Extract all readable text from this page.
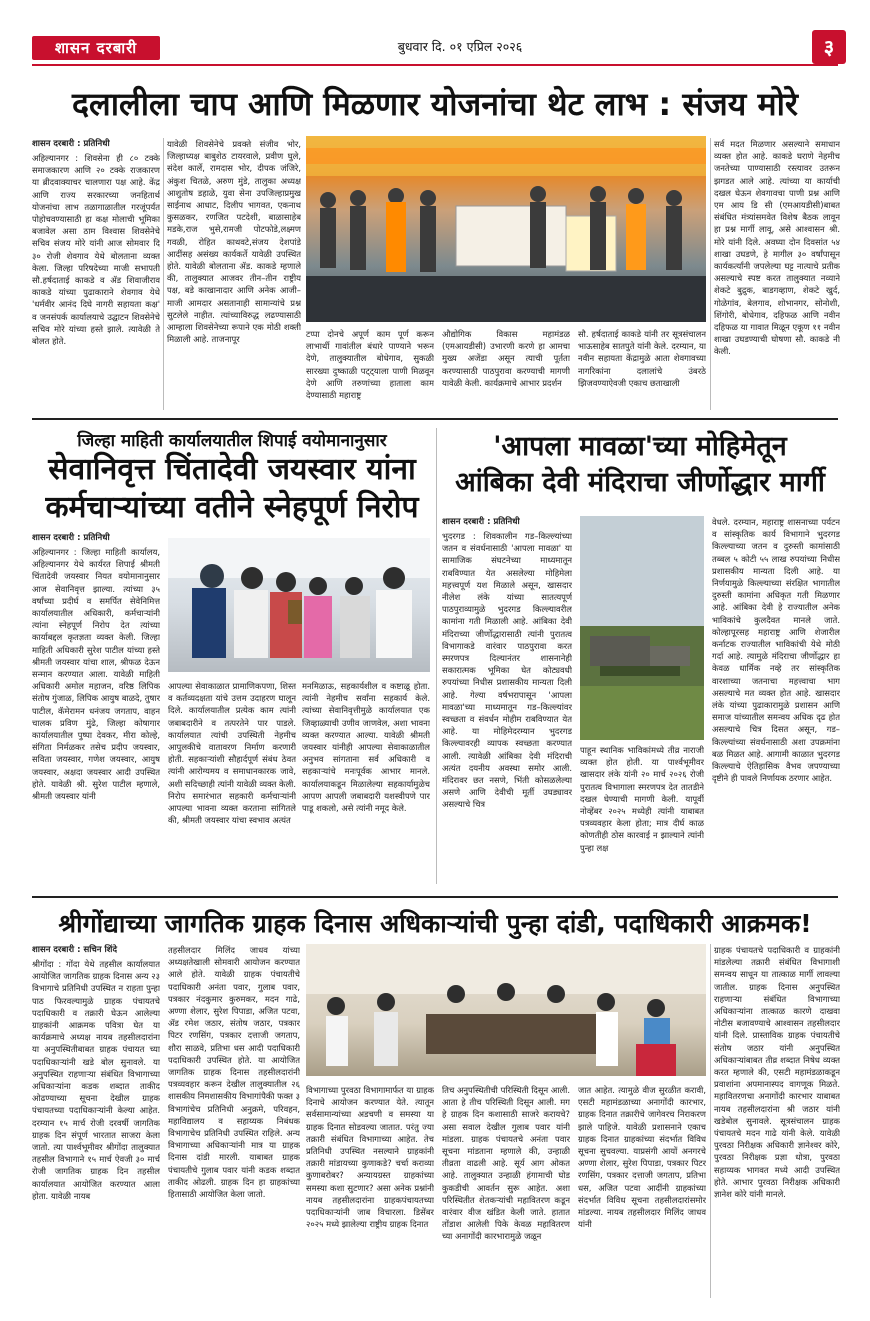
शासन दरबारी	बुधवार दि. ०१ एप्रिल २०२६	३
दलालीला चाप आणि मिळणार योजनांचा थेट लाभ : संजय मोरे
शासन दरबारी : प्रतिनिधी
अहिल्यानगर : शिवसेना ही ८० टक्के समाजकारण आणि २० टक्के राजकारण या ब्रीदवाक्याचर चालणारा पक्ष आहे. केंद्र आणि राज्य सरकारच्या जनहितार्थ योजनांचा लाभ तळागाळातील गरजूंपर्यंत पोहोचवण्यासाठी हा कक्ष मोलाची भूमिका बजावेल असा ठाम विश्वास शिवसेनेचे सचिव संजय मोरे यांनी आज सोमवार दि ३० रोजी शेवगाव येथे बोलताना व्यक्त केला. जिल्हा परिषदेच्या माजी सभापती सौ.हर्षदाताई काकडे व ॲड शिवाजीराव काकडे यांच्या पुढाकाराने शेवगाव येथे 'धर्मवीर आनंद दिघे नागरी सहायता कक्ष' व जनसंपर्क कार्यालयाचे उद्घाटन शिवसेनेचे सचिव मोरे यांच्या हस्ते झाले. त्यावेळी ते बोलत होते.
यावेळी शिवसेनेचे प्रवक्ते संजीव भोर, जिल्हाध्यक्ष बाबुशेठ टायरवाले, प्रवीण घुले, संदेश कार्ले, रामदास भोर, दीपक जंजिरे, अंकुश चितळे, अरुण मुंडे, तालुका अध्यक्ष आशुतोष डहाळे, युवा सेना उपजिल्हाप्रमुख साईनाथ आधाट, दिलीप भागवत, एकनाथ कुसळकर, रणजित पटदेशी, बाळासाहेब मडके,राज भुसे,रामजी पोटफोडे,लक्ष्मण गवळी, रोहित काथवटे,संजय देशपांडे आदींसह असंख्य कार्यकर्ते यावेळी उपस्थित होते. यावेळी बोलताना ॲड. काकडे म्हणाले की, तालुक्यात आजवर तीन–तीन राष्ट्रीय पक्ष, बडे काखानादार आणि अनेक आजी–माजी आमदार असतानाही सामान्यांचे प्रश्न सुटलेले नाहीत. त्यांच्याविरुद्ध लढण्यासाठी आम्हाला शिवसेनेच्या रूपाने एक मोठी शक्ती मिळाली आहे. ताजनापूर
टप्पा दोनचे अपूर्ण काम पूर्ण करून लाभार्थी गावांतील बंधारे पाण्याने भरून देणे, तालुक्यातील बोधेगाव, सुकळी सारख्या दुष्काळी पट्ट्याला पाणी मिळवून देणे आणि तरुणांच्या हाताला काम देण्यासाठी महाराष्ट्र
औद्योगिक विकास महामंडळ (एमआयडीसी) उभारणी करणे हा आमचा मुख्य अजेंडा असून त्याची पूर्तता करण्यासाठी पाठपुरावा करण्याची मागणी यावेळी केली. कार्यक्रमाचे आभार प्रदर्शन
सौ. हर्षदाताई काकडे यांनी तर सूत्रसंचालन भाऊसाहेब सातपुते यांनी केले. दरम्यान, या नवीन सहायता केंद्रामुळे आता शेवगावच्या नागरिकांना दलालांचे उंबरठे झिजवण्याऐवजी एकाच छताखाली
सर्व मदत मिळणार असल्याने समाधान व्यक्त होत आहे. काकडे घराणे नेहमीच जनतेच्या पाण्यासाठी रस्त्यावर उतरून झगडत आले आहे. त्यांच्या या कार्याची दखल घेऊन शेवगावचा पाणी प्रश्न आणि एम आय डि सी (एमआयडीसी)बाबत संबंधित मंत्र्यांसमवेत विशेष बैठक लावून हा प्रश्न मार्गी लावू, असे आश्वासन श्री. मोरे यांनी दिले. अवघ्या दोन दिवसांत ५४ शाखा उघडणे, हे मागील ३० वर्षांपासून कार्यकर्त्यांनी जपलेल्या घट्ट नात्याचे प्रतीक असल्याचे स्पष्ट करत तालुक्यात नव्याने शेकटे बुद्रुक, बाडगव्हाण, शेकटे खुर्द, गोळेगांव, बेलगाव, शोभानगर, सोनोशी, शिंगोरी, बोधेगाव, दहिफळ आणि नवीन दहिफळ या गावात मिळून एकूण ११ नवीन शाखा उघडण्याची घोषणा सौ. काकडे नी केली.
जिल्हा माहिती कार्यालयातील शिपाई वयोमानानुसार
सेवानिवृत्त चिंतादेवी जयस्वार यांना
कर्मचाऱ्यांच्या वतीने स्नेहपूर्ण निरोप
शासन दरबारी : प्रतिनिधी
अहिल्यानगर : जिल्हा माहिती कार्यालय, अहिल्यानगर येथे कार्यरत शिपाई श्रीमती चिंतादेवी जयस्वार नियत वयोमानानुसार आज सेवानिवृत्त झाल्या. त्यांच्या ३५ वर्षांच्या प्रदीर्घ व समर्पित सेवेनिमित्त कार्यालयातील अधिकारी, कर्मचाऱ्यांनी त्यांना स्नेहपूर्ण निरोप देत त्यांच्या कार्याबद्दल कृतज्ञता व्यक्त केली. जिल्हा माहिती अधिकारी सुरेश पाटील यांच्या हस्ते श्रीमती जयस्वार यांचा शाल, श्रीफळ देऊन सन्मान करण्यात आला. यावेळी माहिती अधिकारी अमोल महाजन, वरिष्ठ लिपिक संतोष गुंजाळ, लिपिक आयुष बाळदे, तुषार पाटील, कॅमेरामन धनंजय जगताप, वाहन चालक प्रविण मुंढे, जिल्हा कोषागार कार्यालयातील पुष्पा देवकर, मीरा कोल्हे, संगिता निर्मळकर तसेच प्रदीप जयस्वार, सविता जयस्वार, गणेश जयस्वार, आयुष जयस्वार, अक्षदा जयस्वार आदी उपस्थित होते. यावेळी श्री. सुरेश पाटील म्हणाले, श्रीमती जयस्वार यांनी
आपल्या सेवाकाळात प्रामाणिकपणा, शिस्त व कर्तव्यदक्षता यांचे उत्तम उदाहरण घालून दिले. कार्यालयातील प्रत्येक काम त्यांनी जबाबदारीने व तत्परतेने पार पाडले. कार्यालयात त्यांची उपस्थिती नेहमीच आपुलकीचे वातावरण निर्माण करणारी होती. सहकाऱ्यांशी सौहार्दपूर्ण संबंध ठेवत त्यांनी आरोग्यमय व समाधानकारक जावे, अशी सदिच्छाही त्यांनी यावेळी व्यक्त केली. निरोप समारंभात सहकारी कर्मचाऱ्यांनी आपल्या भावना व्यक्त करताना सांगितले की, श्रीमती जयस्वार यांचा स्वभाव अत्यंत
मनमिळाऊ, सहकार्यशील व कष्टाळू होता. त्यांनी नेहमीच सर्वांना सहकार्य केले. त्यांच्या सेवानिवृत्तीमुळे कार्यालयात एक जिव्हाळ्याची उणीव जाणवेल, अशा भावना व्यक्त करण्यात आल्या. यावेळी श्रीमती जयस्वार यांनीही आपल्या सेवाकाळातील अनुभव सांगताना सर्व अधिकारी व सहकाऱ्यांचे मनःपूर्वक आभार मानले. कार्यालयाकडून मिळालेल्या सहकार्यामुळेच आपण आपली जबाबदारी यशस्वीपणे पार पाडू शकलो, असे त्यांनी नमूद केले.
'आपला मावळा'च्या मोहिमेतून
आंबिका देवी मंदिराचा जीर्णोद्धार मार्गी
शासन दरबारी : प्रतिनिधी
भुदरगड : शिवकालीन गड–किल्ल्यांच्या जतन व संवर्धनासाठी 'आपला मावळा' या सामाजिक संघटनेच्या माध्यमातून राबविण्यात येत असलेल्या मोहिमेला महत्त्वपूर्ण यश मिळाले असून, खासदार नीलेश लंके यांच्या सातत्यपूर्ण पाठपुराव्यामुळे भुदरगड किल्ल्यावरील कामांना गती मिळाली आहे. आंबिका देवी मंदिराच्या जीर्णोद्धारासाठी त्यांनी पुरातत्व विभागाकडे वारंवार पाठपुरावा करत स्मरणपत्र दिल्यानंतर शासनानेही सकारात्मक भूमिका घेत कोट्यवधी रुपयांच्या निधीस प्रशासकीय मान्यता दिली आहे. गेल्या वर्षभरापासून 'आपला मावळा'च्या माध्यमातून गड–किल्ल्यांवर स्वच्छता व संवर्धन मोहीम राबविण्यात येत आहे. या मोहिमेदरम्यान भुदरगड किल्ल्यावरही व्यापक स्वच्छता करण्यात आली. त्यावेळी आंबिका देवी मंदिराची अत्यंत दयनीय अवस्था समोर आली. मंदिरावर छत नसणे, भिंती कोसळलेल्या असणे आणि देवीची मूर्ती उघड्यावर असल्याचे चित्र
पाहून स्थानिक भाविकांमध्ये तीव्र नाराजी व्यक्त होत होती. या पार्श्वभूमीवर खासदार लंके यांनी २० मार्च २०२६ रोजी पुरातत्व विभागाला स्मरणपत्र देत तातडीने दखल घेण्याची मागणी केली. यापूर्वी नोव्हेंबर २०२५ मध्येही त्यांनी याबाबत पत्रव्यवहार केला होता; मात्र दीर्घ काळ कोणतीही ठोस कारवाई न झाल्याने त्यांनी पुन्हा लक्ष
वेधले. दरम्यान, महाराष्ट्र शासनाच्या पर्यटन व सांस्कृतिक कार्य विभागाने भुदरगड किल्ल्याच्या जतन व दुरुस्ती कामांसाठी तब्बल ५ कोटी ५५ लाख रुपयांच्या निधीस प्रशासकीय मान्यता दिली आहे. या निर्णयामुळे किल्ल्याच्या संरक्षित भागातील दुरुस्ती कामांना अधिकृत गती मिळणार आहे. आंबिका देवी हे राज्यातील अनेक भाविकांचे कुलदैवत मानले जाते. कोल्हापूरसह महाराष्ट्र आणि शेजारील कर्नाटक राज्यातील भाविकांची येथे मोठी गर्दा आहे. त्यामुळे मंदिराचा जीर्णोद्धार हा केवळ धार्मिक नव्हे तर सांस्कृतिक वारशाच्या जतनाचा महत्त्वाचा भाग असल्याचे मत व्यक्त होत आहे. खासदार लंके यांच्या पुढाकारामुळे प्रशासन आणि समाज यांच्यातील समन्वय अधिक दृढ होत असल्याचे चित्र दिसत असून, गड–किल्ल्यांच्या संवर्धनासाठी अशा उपक्रमांना बळ मिळत आहे. आगामी काळात भुदरगड किल्ल्याचे ऐतिहासिक वैभव जपण्याच्या दृष्टीने ही पावले निर्णायक ठरणार आहेत.
श्रीगोंद्याच्या जागतिक ग्राहक दिनास अधिकाऱ्यांची पुन्हा दांडी, पदाधिकारी आक्रमक!
शासन दरबारी : सचिन शिंदे
श्रीगोंदा : गोंदा येथे तहसील कार्यालयात आयोजित जागतिक ग्राहक दिनास अन्य २३ विभागाचे प्रतिनिधी उपस्थित न राहता पुन्हा पाठ फिरवल्यामुळे ग्राहक पंचायतचे पदाधिकारी व तक्रारी घेऊन आलेल्या ग्राहकांनी आक्रमक पवित्रा घेत या कार्यक्रमाचे अध्यक्ष नायब तहसीलदारांना या अनुपस्थितीबाबत ग्राहक पंचायत च्या पदाधिकाऱ्यांनी खडे बोल सुनावले. या अनुपस्थित राहणाऱ्या संबंधित विभागाच्या अधिकाऱ्यांना कडक शब्दात ताकीद ओढण्याच्या सूचना देखील ग्राहक पंचायतच्या पदाधिकाऱ्यांनी केल्या आहेत. दरम्यान १५ मार्च रोजी दरवर्षी जागतिक ग्राहक दिन संपूर्ण भारतात साजरा केला जातो. त्या पार्श्वभूमीवर श्रीगोंदा तालुक्यात तहसील विभागाने १५ मार्च ऐवजी ३० मार्च रोजी जागतिक ग्राहक दिन तहसील कार्यालयात आयोजित करण्यात आला होता. यावेळी नायब
तहसीलदार मिलिंद जाधव यांच्या अध्यक्षतेखाली सोमवारी आयोजन करण्यात आले होते. यावेळी ग्राहक पंचायतीचे पदाधिकारी अनंता पवार, गुलाब पवार, पत्रकार नंदकुमार कुरुमकर, मदन गाढे, अण्णा शेलार, सुरेश पिपाडा, अजित पटवा, ॲड रमेश जठार, संतोष जठार, पत्रकार पिटर रणसिंग, पत्रकार दत्ताजी जगताप, शौरा साळवे, प्रतिभा धस आदी पदाधिकारी पदाधिकारी उपस्थित होते. या आयोजित जागतिक ग्राहक दिनास तहसीलदारांनी पत्रव्यवहार करून देखील तालुक्यातील २६ शासकीय निमशासकीय विभागांपैकी फक्त ३ विभागांचेच प्रतिनिधी अनुक्रमे, परिवहन, महाविद्यालय व सहाय्यक निबंधक विभागाचेच प्रतिनिधी उपस्थित राहिले. अन्य विभागाच्या अधिकाऱ्यांनी मात्र या ग्राहक दिनास दांडी मारली. याबाबत ग्राहक पंचायतीचे गुलाब पवार यांनी कडक शब्दात ताकीद ओढली. ग्राहक दिन हा ग्राहकांच्या हितासाठी आयोजित केला जातो.
विभागाच्या पुरवठा विभागामार्फत या ग्राहक दिनाचे आयोजन करण्यात येते. त्यातून सर्वसामान्यांच्या अडचणी व समस्या या ग्राहक दिनात सोडवल्या जातात. परंतु ज्या तक्रारी संबंधित विभागाच्या आहेत. तेच प्रतिनिधी उपस्थित नसल्याने ग्राहकांनी तक्रारी मांडायच्या कुणाकडे? चर्चा कराव्या कुणाबरोबर? अन्यायग्रस्त ग्राहकांच्या समस्या कशा सुटणार? असा अनेक प्रश्नांनी नायब तहसीलदारांना ग्राहकपंचायतच्या पदाधिकाऱ्यांनी जाब विचारला. डिसेंबर २०२५ मध्ये झालेल्या राष्ट्रीय ग्राहक दिनात
तिच अनुपस्थितीची परिस्थिती दिसून आली. आता हे तीच परिस्थिती दिसून आली. मग हे ग्राहक दिन कशासाठी साजरे करायचे? असा सवाल देखील गुलाब पवार यांनी मांडला. ग्राहक पंचायतचे अनंता पवार सूचना मांडताना म्हणाले की, उन्हाळी तीव्रता वाढली आहे. सूर्य आग ओकत आहे. तालुक्यात उन्हाळी हंगामाची घोड कुकडीची आवर्तन सुरू आहेत. अशा परिस्थितीत शेतकऱ्यांची महावितरण कडून वारंवार वीज खंडित केली जाते. हातात तोंडाश आलेली पिके केवळ महावितरण च्या अनागोंदी कारभारामुळे जळून
जात आहेत. त्यामुळे वीज सुरळीत करावी, एसटी महामंडळाच्या अनागोंदी कारभार, ग्राहक दिनात तक्रारीचे जागेवरच निराकरण झाले पाहिजे. यावेळी प्रशासनाने एकाच ग्राहक दिनात ग्राहकांच्या संदर्भात विविध सूचना सुचवल्या. याप्रसंगी आयों अनगरचे अण्णा शेलार, सुरेश पिपाडा, पत्रकार पिटर रणसिंग, पत्रकार दत्ताजी जगताप, प्रतिभा धस, अजित पटवा आदींनी ग्राहकांच्या संदर्भात विविध सूचना तहसीलदारांसमोर मांडल्या. नायब तहसीलदार मिलिंद जाधव यांनी
ग्राहक पंचायतचे पदाधिकारी व ग्राहकांनी मांडलेल्या तक्रारी संबंधित विभागाशी समन्वय साधून या तात्काळ मार्गी लावल्या जातील. ग्राहक दिनास अनुपस्थित राहणाऱ्या संबंधित विभागाच्या अधिकाऱ्यांना तात्काळ कारणे दाखवा नोटीस बजावण्याचे आश्वासन तहसीलदार यांनी दिले. प्रास्ताविक ग्राहक पंचायतीचे संतोष जठार यांनी अनुपस्थित अधिकाऱ्यांबाबत तीव्र शब्दात निषेध व्यक्त करत म्हणाले की, एसटी महामंडळाकडून प्रवाशांना अपमानास्पद वागणूक मिळते. महावितरणचा अनागोंदी कारभार याबाबत नायब तहसीलदारांना श्री जठार यांनी खडेबोल सुनावले. सूत्रसंचालन ग्राहक पंचायतचे मदन गाढे यांनी केले. यावेळी पुरवठा निरीक्षक अधिकारी ज्ञानेश्वर कोरे, पुरवठा निरीक्षक प्रज्ञा धोत्रा, पुरवठा सहाय्यक भागवत मध्ये आदी उपस्थित होते. आभार पुरवठा निरीक्षक अधिकारी ज्ञानेश कोरे यांनी मानले.
